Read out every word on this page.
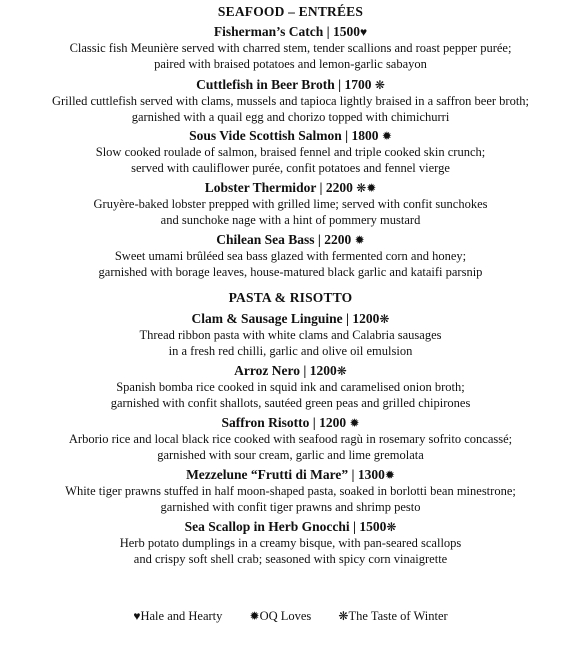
SEAFOOD – ENTRÉES
Fisherman’s Catch | 1500♥
Classic fish Meunière served with charred stem, tender scallions and roast pepper purée;
paired with braised potatoes and lemon-garlic sabayon
Cuttlefish in Beer Broth | 1700 ❋
Grilled cuttlefish served with clams, mussels and tapioca lightly braised in a saffron beer broth;
garnished with a quail egg and chorizo topped with chimichurri
Sous Vide Scottish Salmon | 1800 ✹
Slow cooked roulade of salmon, braised fennel and triple cooked skin crunch;
served with cauliflower purée, confit potatoes and fennel vierge
Lobster Thermidor | 2200 ❋✹
Gruyère-baked lobster prepped with grilled lime; served with confit sunchokes
and sunchoke nage with a hint of pommery mustard
Chilean Sea Bass | 2200 ✹
Sweet umami brûléed sea bass glazed with fermented corn and honey;
garnished with borage leaves, house-matured black garlic and kataifi parsnip
PASTA & RISOTTO
Clam & Sausage Linguine | 1200❋
Thread ribbon pasta with white clams and Calabria sausages
in a fresh red chilli, garlic and olive oil emulsion
Arroz Nero | 1200❋
Spanish bomba rice cooked in squid ink and caramelised onion broth;
garnished with confit shallots, sautéed green peas and grilled chipirones
Saffron Risotto | 1200 ✹
Arborio rice and local black rice cooked with seafood ragù in rosemary sofrito concassé;
garnished with sour cream, garlic and lime gremolata
Mezzelune “Frutti di Mare” | 1300✹
White tiger prawns stuffed in half moon-shaped pasta, soaked in borlotti bean minestrone;
garnished with confit tiger prawns and shrimp pesto
Sea Scallop in Herb Gnocchi | 1500❋
Herb potato dumplings in a creamy bisque, with pan-seared scallops
and crispy soft shell crab; seasoned with spicy corn vinaigrette
♥Hale and Hearty ✹OQ Loves ❋The Taste of Winter
